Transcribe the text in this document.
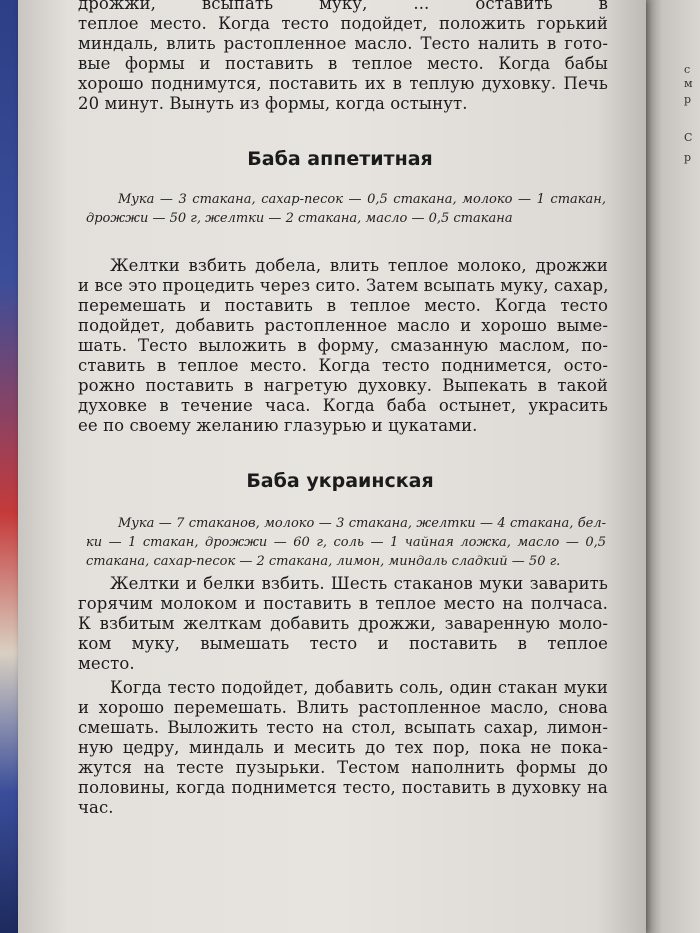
с
м
р
С
р
дрожжи, всыпать муку, ... оставить в
теплое место. Когда тесто подойдет, положить горький
миндаль, влить растопленное масло. Тесто налить в гото-
вые формы и поставить в теплое место. Когда бабы
хорошо поднимутся, поставить их в теплую духовку. Печь
20 минут. Вынуть из формы, когда остынут.
Баба аппетитная
Мука — 3 стакана, сахар-песок — 0,5 стакана, молоко — 1 стакан,
дрожжи — 50 г, желтки — 2 стакана, масло — 0,5 стакана
Желтки взбить добела, влить теплое молоко, дрожжи
и все это процедить через сито. Затем всыпать муку, сахар,
перемешать и поставить в теплое место. Когда тесто
подойдет, добавить растопленное масло и хорошо выме-
шать. Тесто выложить в форму, смазанную маслом, по-
ставить в теплое место. Когда тесто поднимется, осто-
рожно поставить в нагретую духовку. Выпекать в такой
духовке в течение часа. Когда баба остынет, украсить
ее по своему желанию глазурью и цукатами.
Баба украинская
Мука — 7 стаканов, молоко — 3 стакана, желтки — 4 стакана, бел-
ки — 1 стакан, дрожжи — 60 г, соль — 1 чайная ложка, масло — 0,5
стакана, сахар-песок — 2 стакана, лимон, миндаль сладкий — 50 г.
Желтки и белки взбить. Шесть стаканов муки заварить
горячим молоком и поставить в теплое место на полчаса.
К взбитым желткам добавить дрожжи, заваренную моло-
ком муку, вымешать тесто и поставить в теплое
место.
Когда тесто подойдет, добавить соль, один стакан муки
и хорошо перемешать. Влить растопленное масло, снова
смешать. Выложить тесто на стол, всыпать сахар, лимон-
ную цедру, миндаль и месить до тех пор, пока не пока-
жутся на тесте пузырьки. Тестом наполнить формы до
половины, когда поднимется тесто, поставить в духовку на
час.
